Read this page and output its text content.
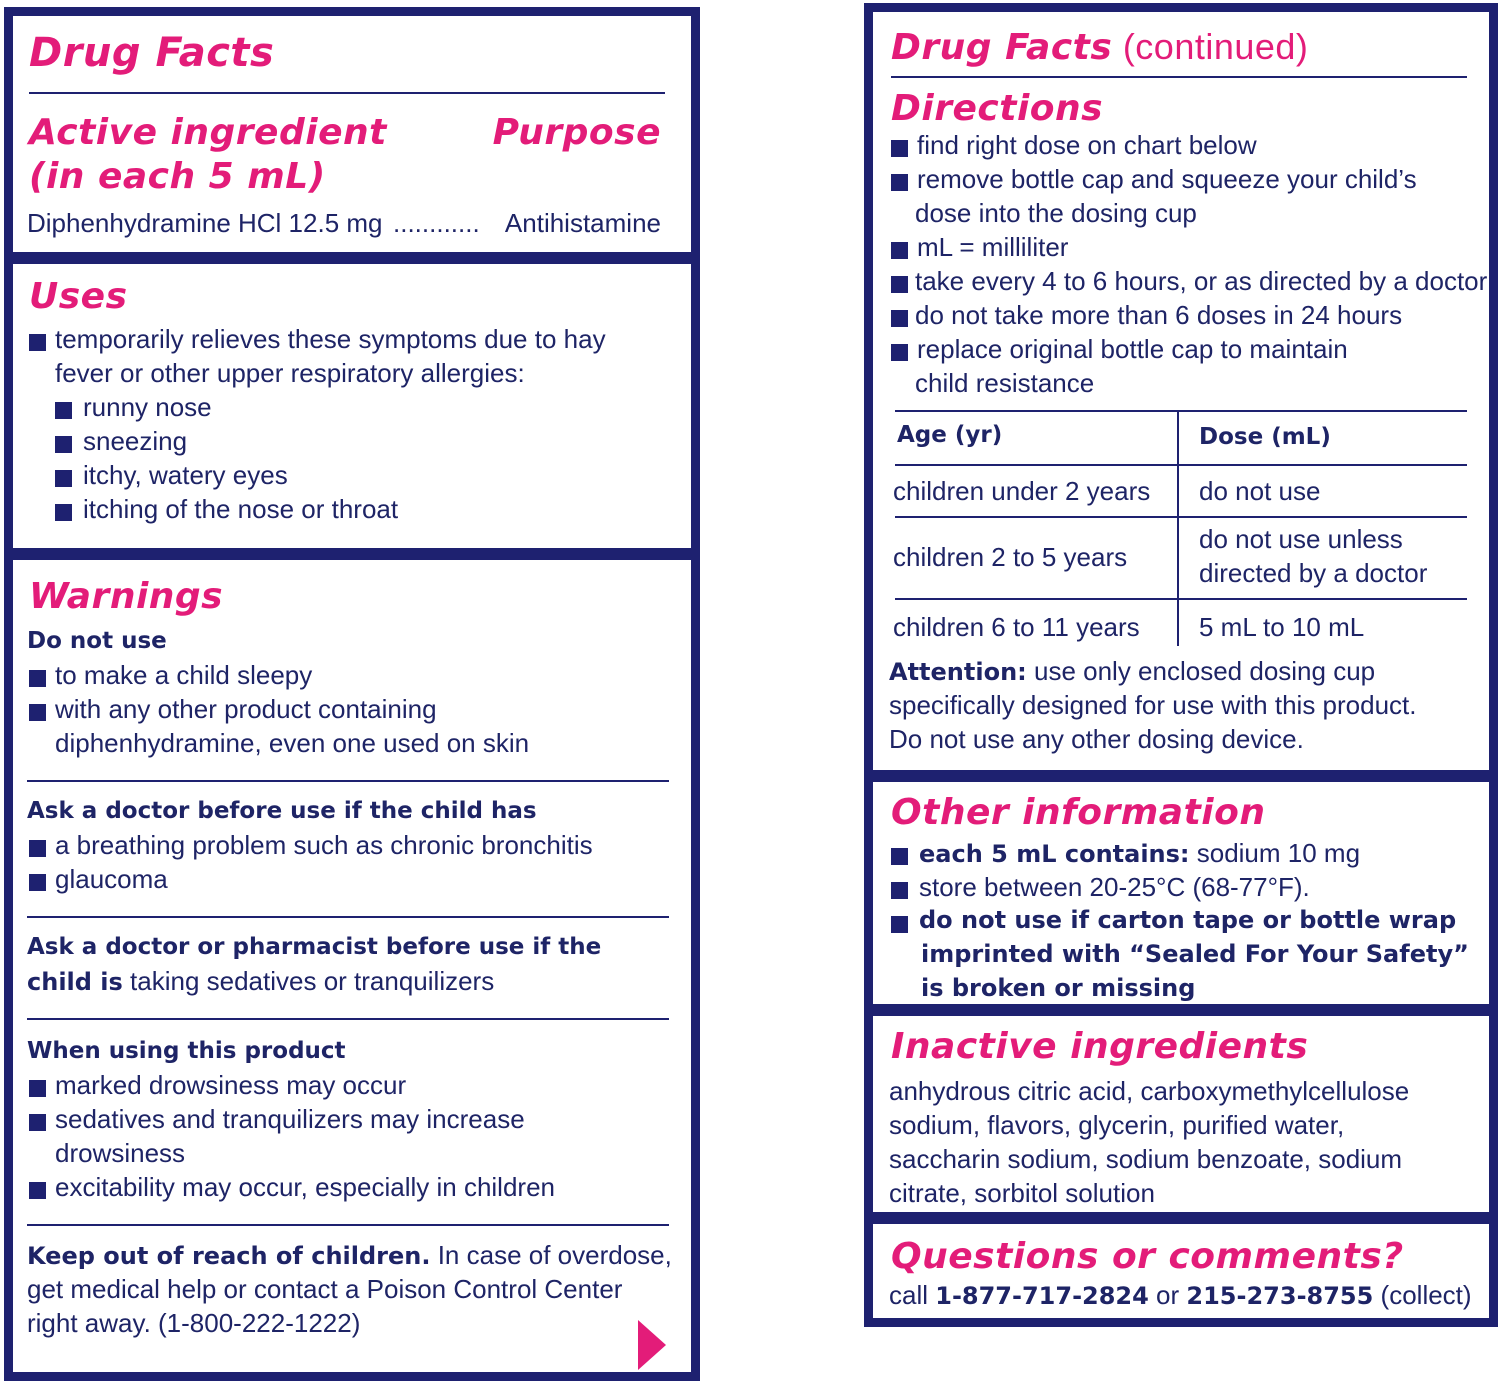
Drug Facts
Active ingredient
(in each 5 mL)
Purpose
Diphenhydramine HCl 12.5 mg ............ Antihistamine
Uses
temporarily relieves these symptoms due to hay
fever or other upper respiratory allergies:
runny nose
sneezing
itchy, watery eyes
itching of the nose or throat
Warnings
Do not use
to make a child sleepy
with any other product containing
diphenhydramine, even one used on skin
Ask a doctor before use if the child has
a breathing problem such as chronic bronchitis
glaucoma
Ask a doctor or pharmacist before use if the
child is taking sedatives or tranquilizers
When using this product
marked drowsiness may occur
sedatives and tranquilizers may increase
drowsiness
excitability may occur, especially in children
Keep out of reach of children. In case of overdose,
get medical help or contact a Poison Control Center
right away. (1-800-222-1222)
Drug Facts (continued)
Directions
find right dose on chart below
remove bottle cap and squeeze your child’s
dose into the dosing cup
mL = milliliter
take every 4 to 6 hours, or as directed by a doctor
do not take more than 6 doses in 24 hours
replace original bottle cap to maintain
child resistance
Age (yr)	Dose (mL)
children under 2 years do not use
children 2 to 5 years
do not use unless
directed by a doctor
children 6 to 11 years 5 mL to 10 mL
Attention: use only enclosed dosing cup
specifically designed for use with this product.
Do not use any other dosing device.
Other information
each 5 mL contains: sodium 10 mg
store between 20-25°C (68-77°F).
do not use if carton tape or bottle wrap
imprinted with “Sealed For Your Safety”
is broken or missing
Inactive ingredients
anhydrous citric acid, carboxymethylcellulose
sodium, flavors, glycerin, purified water,
saccharin sodium, sodium benzoate, sodium
citrate, sorbitol solution
Questions or comments?
call 1-877-717-2824 or 215-273-8755 (collect)
